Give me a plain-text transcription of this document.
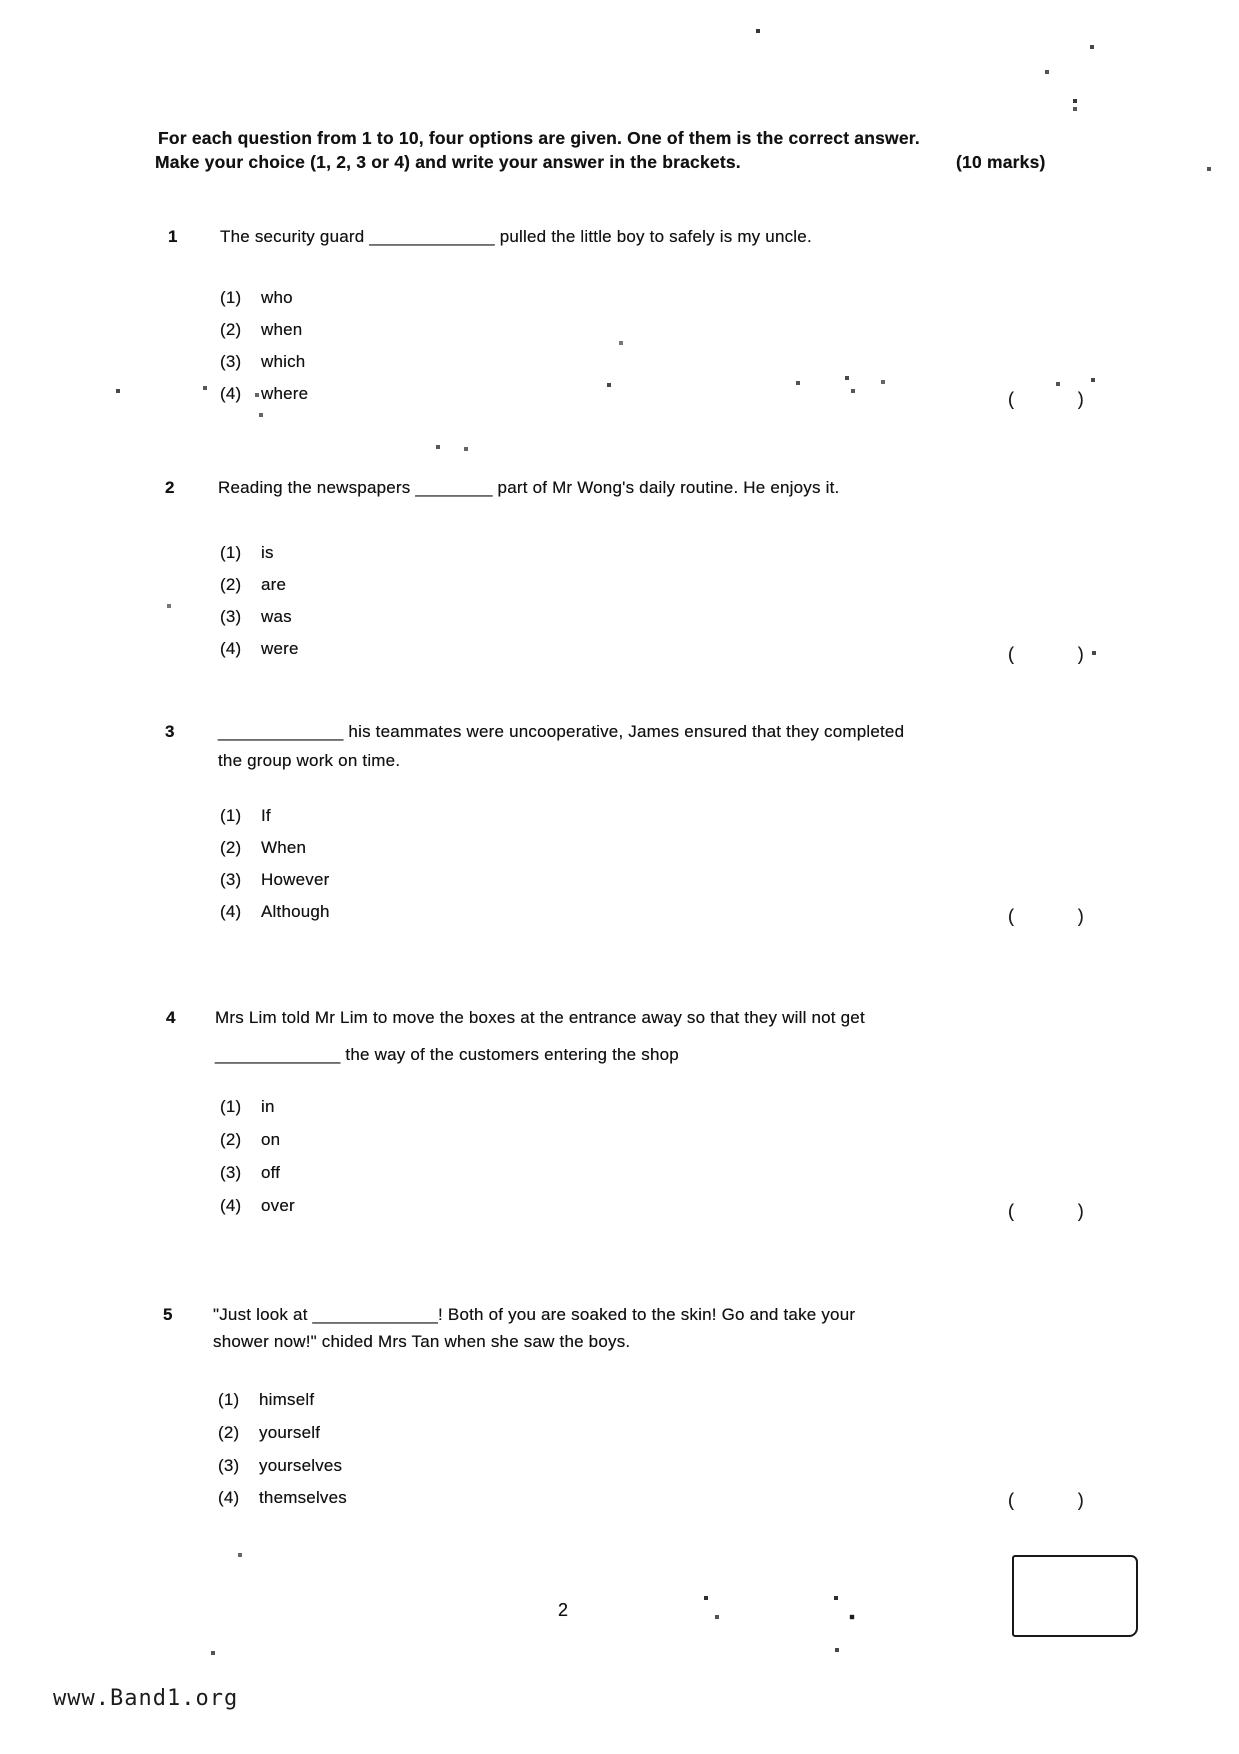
For each question from 1 to 10, four options are given. One of them is the correct answer.
Make your choice (1, 2, 3 or 4) and write your answer in the brackets.	(10 marks)
1 The security guard _____________ pulled the little boy to safely is my uncle.
(1) who
(2) when
(3) which
(4) where	(	)
2	Reading the newspapers ________ part of Mr Wong's daily routine. He enjoys it.
(1) is
(2) are
(3) was
(4) were	(	)
3	_____________ his teammates were uncooperative, James ensured that they completed
the group work on time.
(1) If
(2) When
(3) However
(4) Although	(	)
4 Mrs Lim told Mr Lim to move the boxes at the entrance away so that they will not get
_____________ the way of the customers entering the shop
(1) in
(2) on
(3) off
(4) over	(	)
5 "Just look at _____________! Both of you are soaked to the skin! Go and take your
shower now!" chided Mrs Tan when she saw the boys.
(1) himself
(2) yourself
(3) yourselves
(4) themselves	(	)
2
www.Band1.org
